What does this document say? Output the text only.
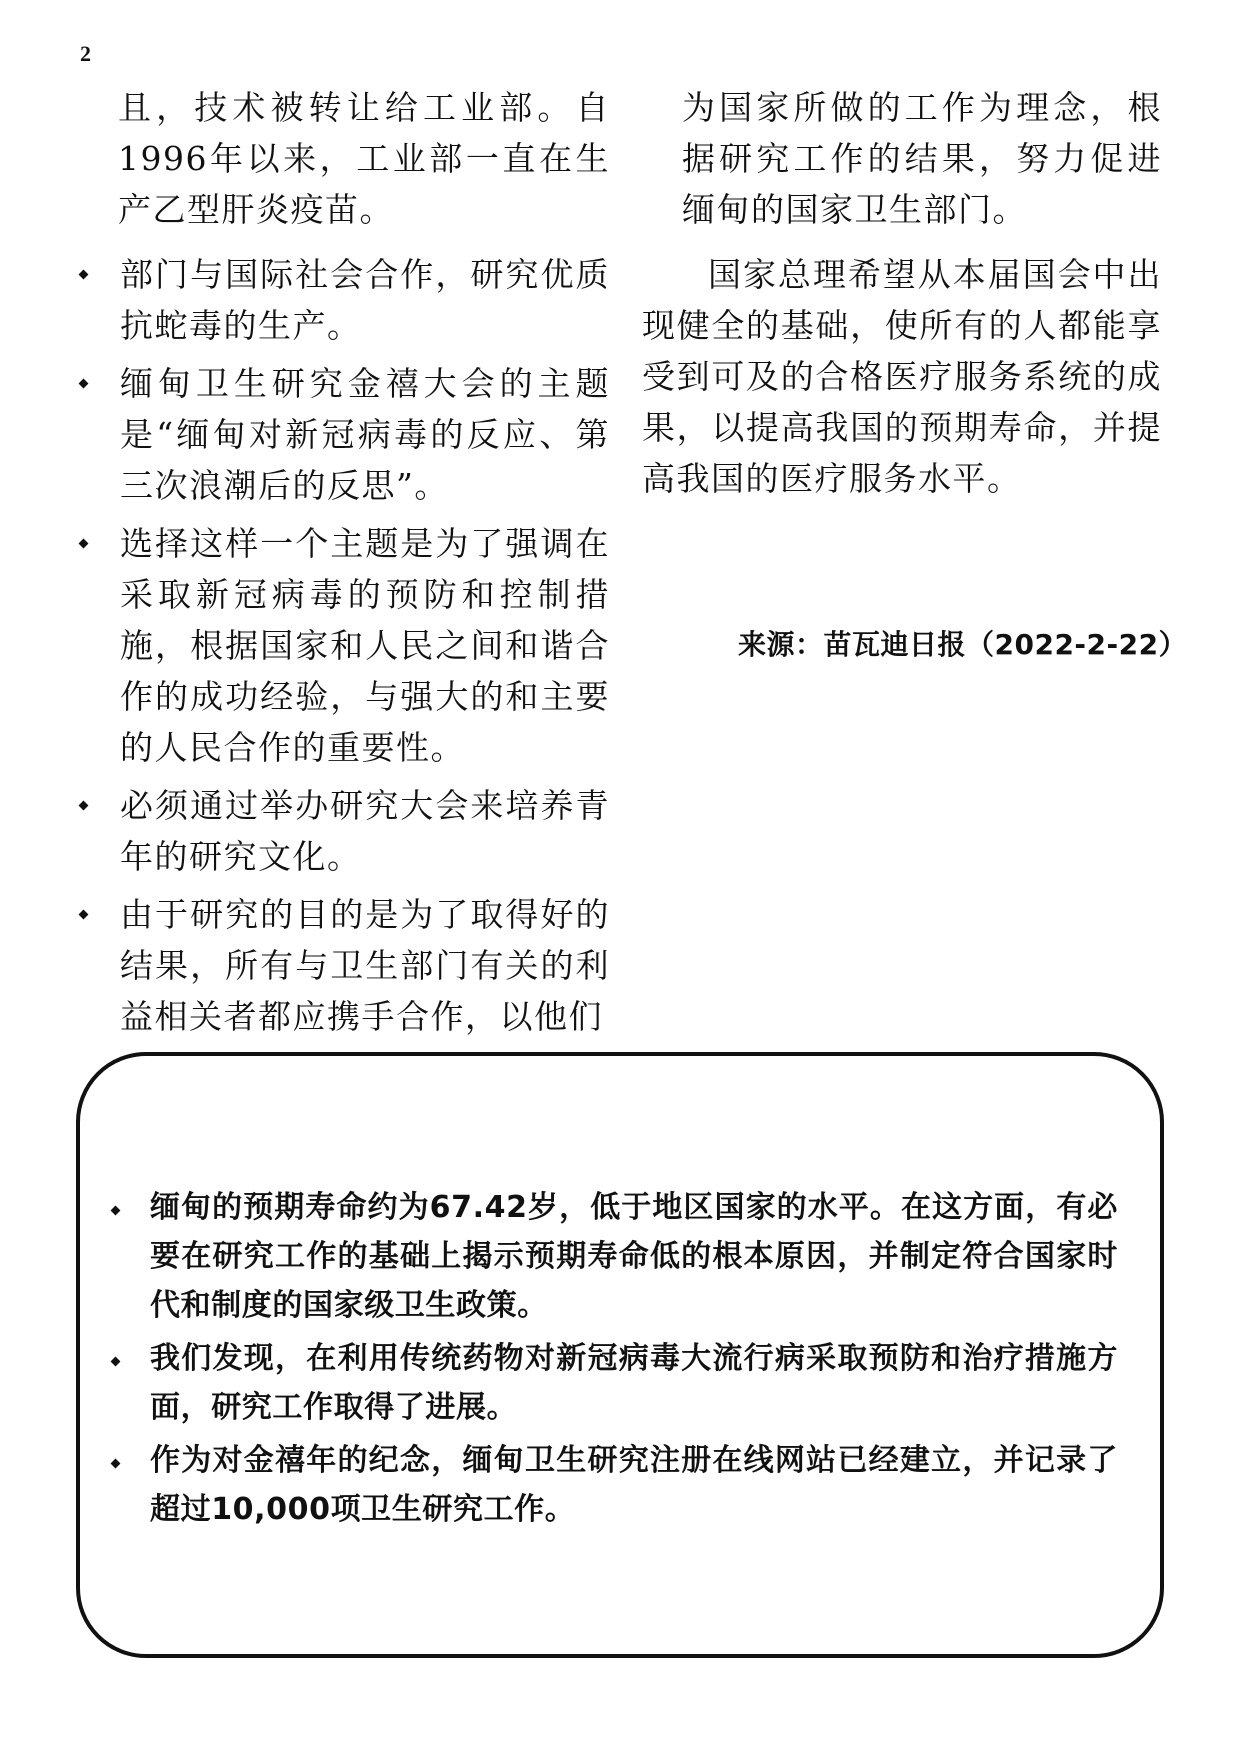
2

且，技术被转让给工业部。自1996年以来，工业部一直在生产乙型肝炎疫苗。

部门与国际社会合作，研究优质抗蛇毒的生产。
缅甸卫生研究金禧大会的主题是“缅甸对新冠病毒的反应、第三次浪潮后的反思”。
选择这样一个主题是为了强调在采取新冠病毒的预防和控制措施，根据国家和人民之间和谐合作的成功经验，与强大的和主要的人民合作的重要性。
必须通过举办研究大会来培养青年的研究文化。
由于研究的目的是为了取得好的结果，所有与卫生部门有关的利益相关者都应携手合作，以他们

为国家所做的工作为理念，根据研究工作的结果，努力促进缅甸的国家卫生部门。

国家总理希望从本届国会中出现健全的基础，使所有的人都能享受到可及的合格医疗服务系统的成果，以提高我国的预期寿命，并提高我国的医疗服务水平。

来源：苗瓦迪日报（2022-2-22）
缅甸的预期寿命约为67.42岁，低于地区国家的水平。在这方面，有必要在研究工作的基础上揭示预期寿命低的根本原因，并制定符合国家时代和制度的国家级卫生政策。
我们发现，在利用传统药物对新冠病毒大流行病采取预防和治疗措施方面，研究工作取得了进展。
作为对金禧年的纪念，缅甸卫生研究注册在线网站已经建立，并记录了超过10,000项卫生研究工作。
